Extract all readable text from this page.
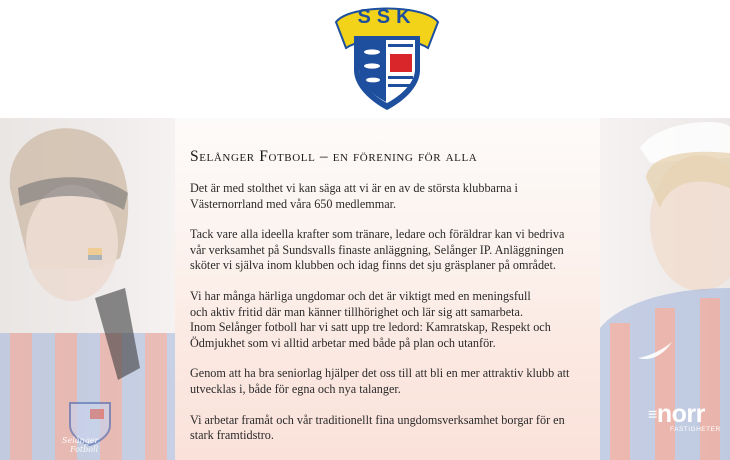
Selånger
Fotboll
SSK
Selånger Fotboll – en förening för alla

Det är med stolthet vi kan säga att vi är en av de största klubbarna i
Västernorrland med våra 650 medlemmar.

Tack vare alla ideella krafter som tränare, ledare och föräldrar kan vi bedriva
vår verksamhet på Sundsvalls finaste anläggning, Selånger IP. Anläggningen
sköter vi själva inom klubben och idag finns det sju gräsplaner på området.

Vi har många härliga ungdomar och det är viktigt med en meningsfull
och aktiv fritid där man känner tillhörighet och lär sig att samarbeta.
Inom Selånger fotboll har vi satt upp tre ledord: Kamratskap, Respekt och
Ödmjukhet som vi alltid arbetar med både på plan och utanför.

Genom att ha bra seniorlag hjälper det oss till att bli en mer attraktiv klubb att
utvecklas i, både för egna och nya talanger.

Vi arbetar framåt och vår traditionellt fina ungdomsverksamhet borgar för en
stark framtidstro.

≡norr
FASTIGHETER
